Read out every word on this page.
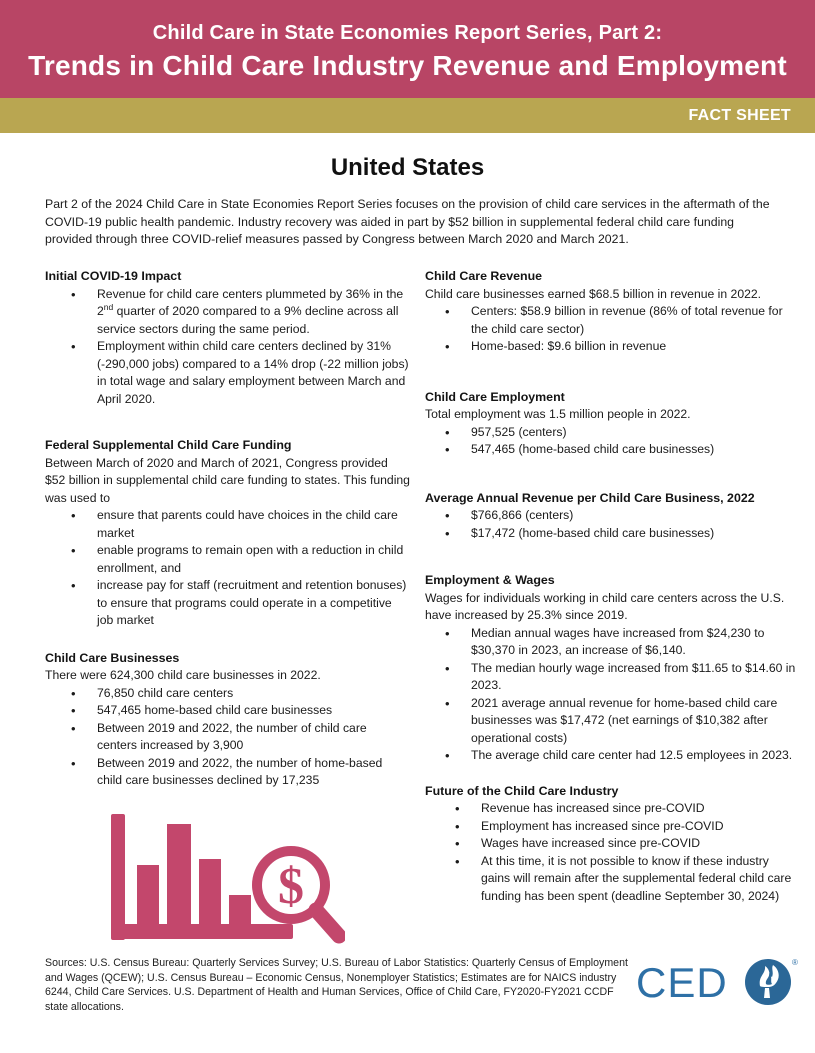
Child Care in State Economies Report Series, Part 2:
Trends in Child Care Industry Revenue and Employment
FACT SHEET
United States
Part 2 of the 2024 Child Care in State Economies Report Series focuses on the provision of child care services in the aftermath of the COVID-19 public health pandemic. Industry recovery was aided in part by $52 billion in supplemental federal child care funding provided through three COVID-relief measures passed by Congress between March 2020 and March 2021.
Initial COVID-19 Impact
• Revenue for child care centers plummeted by 36% in the 2nd quarter of 2020 compared to a 9% decline across all service sectors during the same period.
• Employment within child care centers declined by 31% (-290,000 jobs) compared to a 14% drop (-22 million jobs) in total wage and salary employment between March and April 2020.
Federal Supplemental Child Care Funding
Between March of 2020 and March of 2021, Congress provided $52 billion in supplemental child care funding to states. This funding was used to
• ensure that parents could have choices in the child care market
• enable programs to remain open with a reduction in child enrollment, and
• increase pay for staff (recruitment and retention bonuses) to ensure that programs could operate in a competitive job market
Child Care Businesses
There were 624,300 child care businesses in 2022.
• 76,850 child care centers
• 547,465 home-based child care businesses
• Between 2019 and 2022, the number of child care centers increased by 3,900
• Between 2019 and 2022, the number of home-based child care businesses declined by 17,235
$
Child Care Revenue
Child care businesses earned $68.5 billion in revenue in 2022.
• Centers: $58.9 billion in revenue (86% of total revenue for the child care sector)
• Home-based: $9.6 billion in revenue
Child Care Employment
Total employment was 1.5 million people in 2022.
• 957,525 (centers)
• 547,465 (home-based child care businesses)
Average Annual Revenue per Child Care Business, 2022
• $766,866 (centers)
• $17,472 (home-based child care businesses)
Employment & Wages
Wages for individuals working in child care centers across the U.S. have increased by 25.3% since 2019.
• Median annual wages have increased from $24,230 to $30,370 in 2023, an increase of $6,140.
• The median hourly wage increased from $11.65 to $14.60 in 2023.
• 2021 average annual revenue for home-based child care businesses was $17,472 (net earnings of $10,382 after operational costs)
• The average child care center had 12.5 employees in 2023.
Future of the Child Care Industry
• Revenue has increased since pre-COVID
• Employment has increased since pre-COVID
• Wages have increased since pre-COVID
• At this time, it is not possible to know if these industry gains will remain after the supplemental federal child care funding has been spent (deadline September 30, 2024)
Sources: U.S. Census Bureau: Quarterly Services Survey; U.S. Bureau of Labor Statistics: Quarterly Census of Employment and Wages (QCEW); U.S. Census Bureau – Economic Census, Nonemployer Statistics; Estimates are for NAICS industry 6244, Child Care Services. U.S. Department of Health and Human Services, Office of Child Care, FY2020-FY2021 CCDF state allocations.
CED	®
